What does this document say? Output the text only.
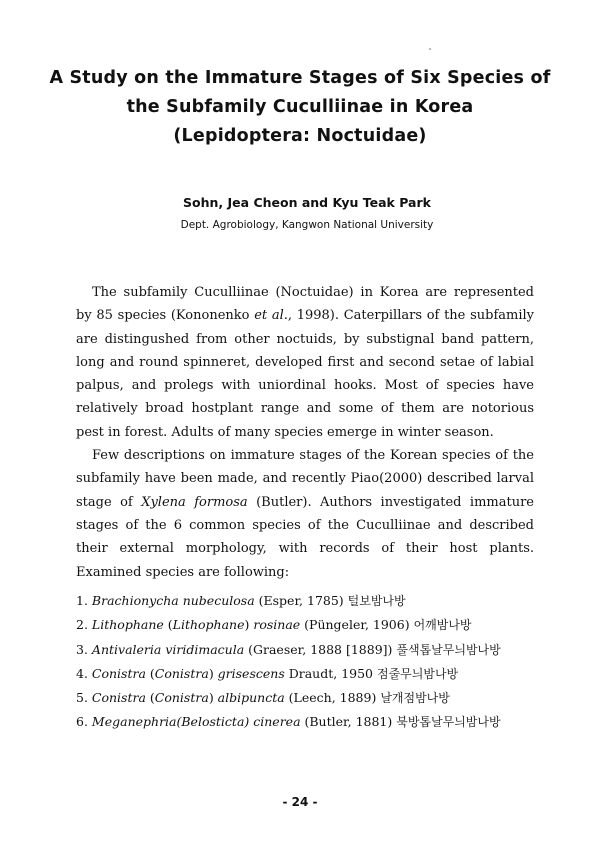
A Study on the Immature Stages of Six Species of
the Subfamily Cuculliinae in Korea
(Lepidoptera: Noctuidae)
Sohn, Jea Cheon and Kyu Teak Park
Dept. Agrobiology, Kangwon National University

The subfamily Cuculliinae (Noctuidae) in Korea are represented by 85 species (Kononenko et al., 1998). Caterpillars of the subfamily are distingushed from other noctuids, by substignal band pattern, long and round spinneret, developed first and second setae of labial palpus, and prolegs with uniordinal hooks. Most of species have relatively broad hostplant range and some of them are notorious pest in forest. Adults of many species emerge in winter season.

Few descriptions on immature stages of the Korean species of the subfamily have been made, and recently Piao(2000) described larval stage of Xylena formosa (Butler). Authors investigated immature stages of the 6 common species of the Cuculliinae and described their external morphology, with records of their host plants. Examined species are following:

1. Brachionycha nubeculosa (Esper, 1785) 털보밤나방
2. Lithophane (Lithophane) rosinae (Püngeler, 1906) 어깨밤나방
3. Antivaleria viridimacula (Graeser, 1888 [1889]) 풀색톱날무늬밤나방
4. Conistra (Conistra) grisescens Draudt, 1950 점줄무늬밤나방
5. Conistra (Conistra) albipuncta (Leech, 1889) 날개점밤나방
6. Meganephria(Belosticta) cinerea (Butler, 1881) 북방톱날무늬밤나방
- 24 -
